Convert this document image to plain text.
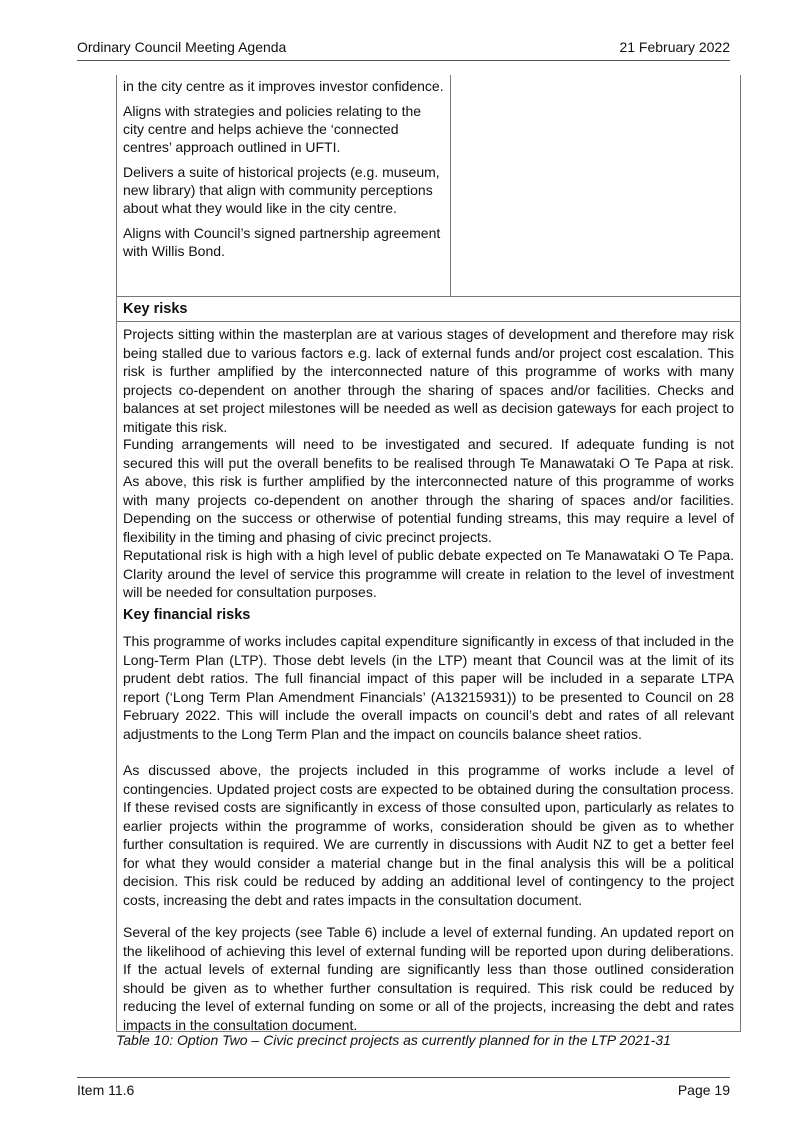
Ordinary Council Meeting Agenda	21 February 2022

in the city centre as it improves investor confidence.

Aligns with strategies and policies relating to the city centre and helps achieve the ‘connected centres’ approach outlined in UFTI.

Delivers a suite of historical projects (e.g. museum, new library) that align with community perceptions about what they would like in the city centre.

Aligns with Council’s signed partnership agreement with Willis Bond.

Key risks

Projects sitting within the masterplan are at various stages of development and therefore may risk being stalled due to various factors e.g. lack of external funds and/or project cost escalation. This risk is further amplified by the interconnected nature of this programme of works with many projects co-dependent on another through the sharing of spaces and/or facilities. Checks and balances at set project milestones will be needed as well as decision gateways for each project to mitigate this risk.

Funding arrangements will need to be investigated and secured. If adequate funding is not secured this will put the overall benefits to be realised through Te Manawataki O Te Papa at risk. As above, this risk is further amplified by the interconnected nature of this programme of works with many projects co-dependent on another through the sharing of spaces and/or facilities. Depending on the success or otherwise of potential funding streams, this may require a level of flexibility in the timing and phasing of civic precinct projects.

Reputational risk is high with a high level of public debate expected on Te Manawataki O Te Papa. Clarity around the level of service this programme will create in relation to the level of investment will be needed for consultation purposes.

Key financial risks

This programme of works includes capital expenditure significantly in excess of that included in the Long-Term Plan (LTP). Those debt levels (in the LTP) meant that Council was at the limit of its prudent debt ratios. The full financial impact of this paper will be included in a separate LTPA report (‘Long Term Plan Amendment Financials’ (A13215931)) to be presented to Council on 28 February 2022. This will include the overall impacts on council’s debt and rates of all relevant adjustments to the Long Term Plan and the impact on councils balance sheet ratios.

As discussed above, the projects included in this programme of works include a level of contingencies. Updated project costs are expected to be obtained during the consultation process. If these revised costs are significantly in excess of those consulted upon, particularly as relates to earlier projects within the programme of works, consideration should be given as to whether further consultation is required. We are currently in discussions with Audit NZ to get a better feel for what they would consider a material change but in the final analysis this will be a political decision. This risk could be reduced by adding an additional level of contingency to the project costs, increasing the debt and rates impacts in the consultation document.

Several of the key projects (see Table 6) include a level of external funding. An updated report on the likelihood of achieving this level of external funding will be reported upon during deliberations. If the actual levels of external funding are significantly less than those outlined consideration should be given as to whether further consultation is required. This risk could be reduced by reducing the level of external funding on some or all of the projects, increasing the debt and rates impacts in the consultation document.

Table 10: Option Two – Civic precinct projects as currently planned for in the LTP 2021-31
Item 11.6	Page 19
